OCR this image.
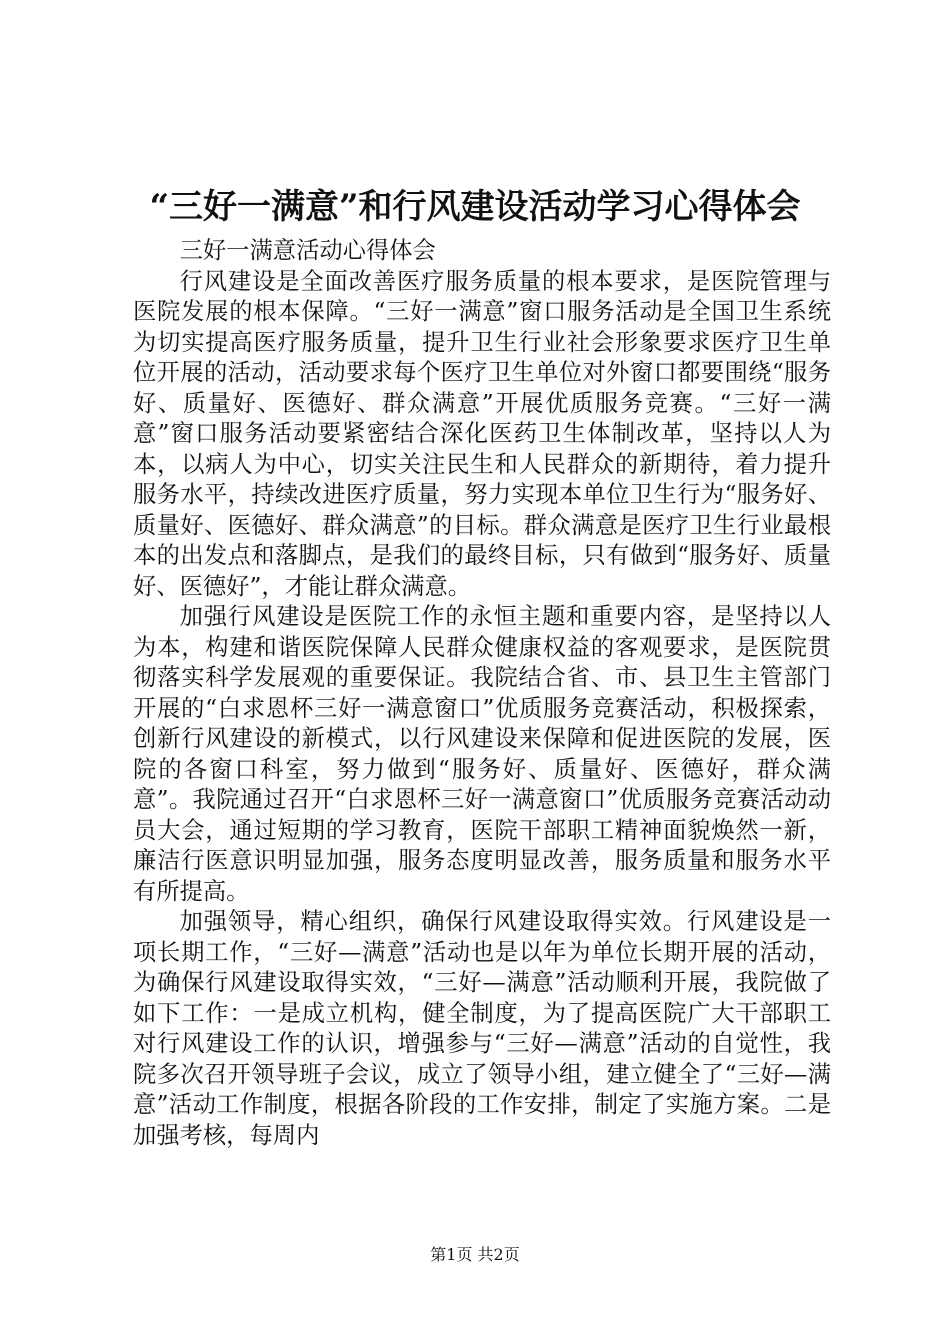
“三好一满意”和行风建设活动学习心得体会

三好一满意活动心得体会

行风建设是全面改善医疗服务质量的根本要求，是医院管理与医院发展的根本保障。“三好一满意”窗口服务活动是全国卫生系统为切实提高医疗服务质量，提升卫生行业社会形象要求医疗卫生单位开展的活动，活动要求每个医疗卫生单位对外窗口都要围绕“服务好、质量好、医德好、群众满意”开展优质服务竞赛。“三好一满意”窗口服务活动要紧密结合深化医药卫生体制改革，坚持以人为本，以病人为中心，切实关注民生和人民群众的新期待，着力提升服务水平，持续改进医疗质量，努力实现本单位卫生行为“服务好、质量好、医德好、群众满意”的目标。群众满意是医疗卫生行业最根本的出发点和落脚点，是我们的最终目标，只有做到“服务好、质量好、医德好”，才能让群众满意。

加强行风建设是医院工作的永恒主题和重要内容，是坚持以人为本，构建和谐医院保障人民群众健康权益的客观要求，是医院贯彻落实科学发展观的重要保证。我院结合省、市、县卫生主管部门开展的“白求恩杯三好一满意窗口”优质服务竞赛活动，积极探索，创新行风建设的新模式，以行风建设来保障和促进医院的发展，医院的各窗口科室，努力做到“服务好、质量好、医德好，群众满意”。我院通过召开“白求恩杯三好一满意窗口”优质服务竞赛活动动员大会，通过短期的学习教育，医院干部职工精神面貌焕然一新，廉洁行医意识明显加强，服务态度明显改善，服务质量和服务水平有所提高。

加强领导，精心组织，确保行风建设取得实效。行风建设是一项长期工作，“三好—满意”活动也是以年为单位长期开展的活动，为确保行风建设取得实效，“三好—满意”活动顺利开展，我院做了如下工作：一是成立机构，健全制度，为了提高医院广大干部职工对行风建设工作的认识，增强参与“三好—满意”活动的自觉性，我院多次召开领导班子会议，成立了领导小组，建立健全了“三好—满意”活动工作制度，根据各阶段的工作安排，制定了实施方案。二是加强考核，每周内

第1页 共2页
